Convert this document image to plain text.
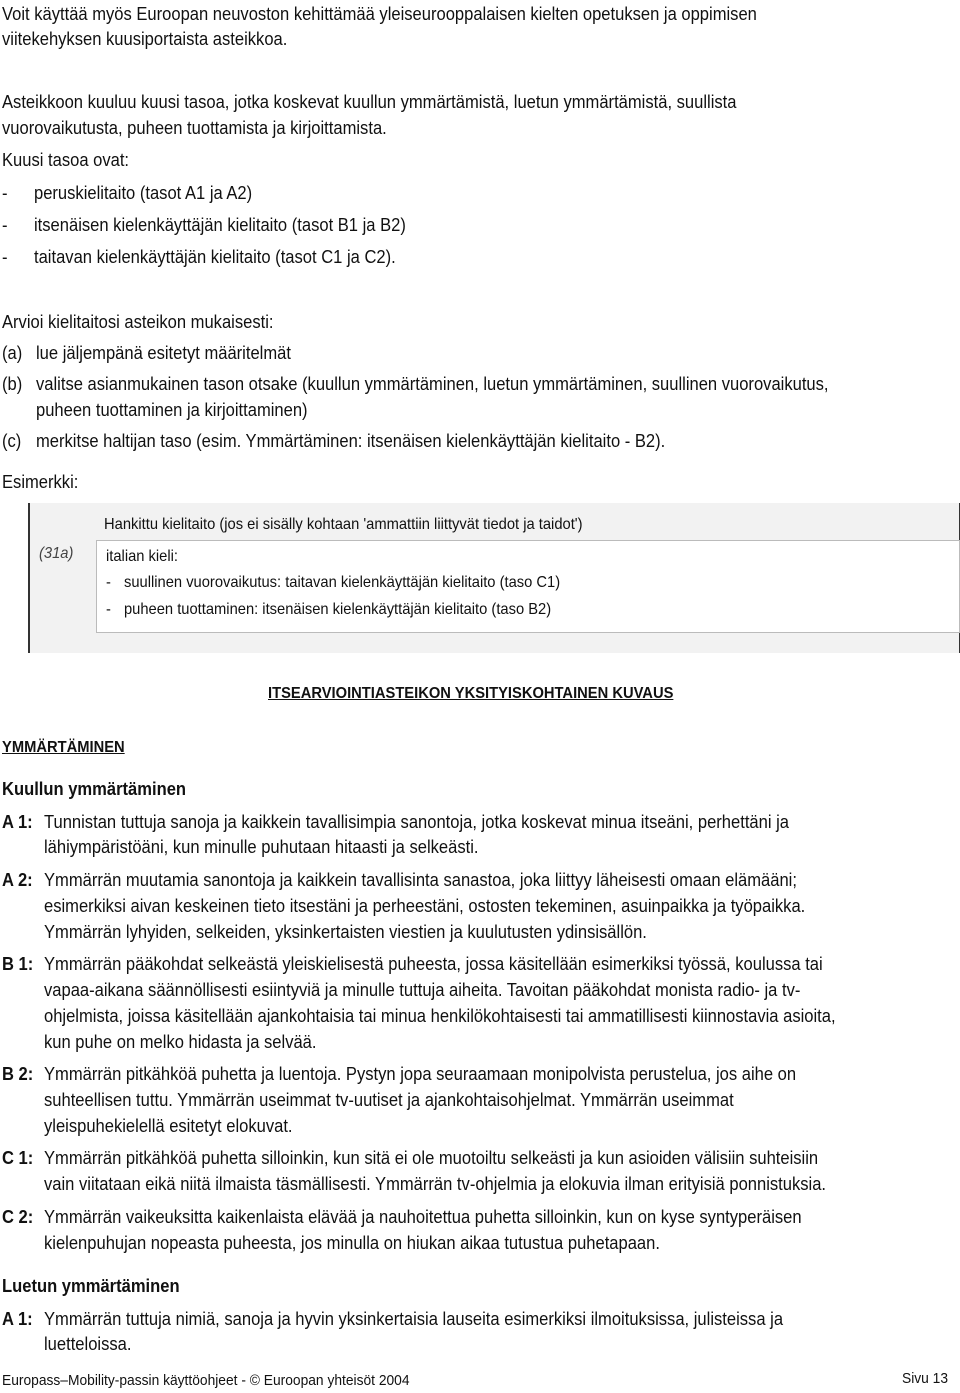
Voit käyttää myös Euroopan neuvoston kehittämää yleiseurooppalaisen kielten opetuksen ja oppimisen
viitekehyksen kuusiportaista asteikkoa.
Asteikkoon kuuluu kuusi tasoa, jotka koskevat kuullun ymmärtämistä, luetun ymmärtämistä, suullista
vuorovaikutusta, puheen tuottamista ja kirjoittamista.
Kuusi tasoa ovat:
- peruskielitaito (tasot A1 ja A2)
- itsenäisen kielenkäyttäjän kielitaito (tasot B1 ja B2)
- taitavan kielenkäyttäjän kielitaito (tasot C1 ja C2).
Arvioi kielitaitosi asteikon mukaisesti:
(a) lue jäljempänä esitetyt määritelmät
(b) valitse asianmukainen tason otsake (kuullun ymmärtäminen, luetun ymmärtäminen, suullinen vuorovaikutus,
puheen tuottaminen ja kirjoittaminen)
(c) merkitse haltijan taso (esim. Ymmärtäminen: itsenäisen kielenkäyttäjän kielitaito - B2).
Esimerkki:
Hankittu kielitaito (jos ei sisälly kohtaan 'ammattiin liittyvät tiedot ja taidot')
(31a) italian kieli:
- suullinen vuorovaikutus: taitavan kielenkäyttäjän kielitaito (taso C1)
- puheen tuottaminen: itsenäisen kielenkäyttäjän kielitaito (taso B2)
ITSEARVIOINTIASTEIKON YKSITYISKOHTAINEN KUVAUS
YMMÄRTÄMINEN
Kuullun ymmärtäminen
A 1: Tunnistan tuttuja sanoja ja kaikkein tavallisimpia sanontoja, jotka koskevat minua itseäni, perhettäni ja
lähiympäristöäni, kun minulle puhutaan hitaasti ja selkeästi.
A 2: Ymmärrän muutamia sanontoja ja kaikkein tavallisinta sanastoa, joka liittyy läheisesti omaan elämääni;
esimerkiksi aivan keskeinen tieto itsestäni ja perheestäni, ostosten tekeminen, asuinpaikka ja työpaikka.
Ymmärrän lyhyiden, selkeiden, yksinkertaisten viestien ja kuulutusten ydinsisällön.
B 1: Ymmärrän pääkohdat selkeästä yleiskielisestä puheesta, jossa käsitellään esimerkiksi työssä, koulussa tai
vapaa-aikana säännöllisesti esiintyviä ja minulle tuttuja aiheita. Tavoitan pääkohdat monista radio- ja tv-
ohjelmista, joissa käsitellään ajankohtaisia tai minua henkilökohtaisesti tai ammatillisesti kiinnostavia asioita,
kun puhe on melko hidasta ja selvää.
B 2: Ymmärrän pitkähköä puhetta ja luentoja. Pystyn jopa seuraamaan monipolvista perustelua, jos aihe on
suhteellisen tuttu. Ymmärrän useimmat tv-uutiset ja ajankohtaisohjelmat. Ymmärrän useimmat
yleispuhekielellä esitetyt elokuvat.
C 1: Ymmärrän pitkähköä puhetta silloinkin, kun sitä ei ole muotoiltu selkeästi ja kun asioiden välisiin suhteisiin
vain viitataan eikä niitä ilmaista täsmällisesti. Ymmärrän tv-ohjelmia ja elokuvia ilman erityisiä ponnistuksia.
C 2: Ymmärrän vaikeuksitta kaikenlaista elävää ja nauhoitettua puhetta silloinkin, kun on kyse syntyperäisen
kielenpuhujan nopeasta puheesta, jos minulla on hiukan aikaa tutustua puhetapaan.
Luetun ymmärtäminen
A 1: Ymmärrän tuttuja nimiä, sanoja ja hyvin yksinkertaisia lauseita esimerkiksi ilmoituksissa, julisteissa ja
luetteloissa.
Europass–Mobility-passin käyttöohjeet - © Euroopan yhteisöt 2004	Sivu 13
